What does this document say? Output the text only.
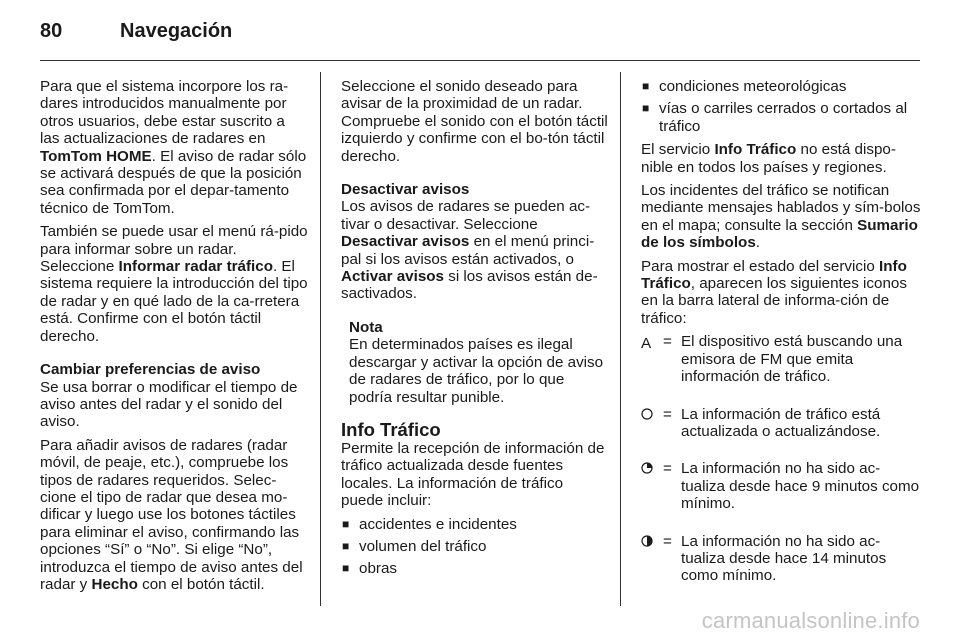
80	Navegación

Para que el sistema incorpore los ra-dares introducidos manualmente por otros usuarios, debe estar suscrito a las actualizaciones de radares en TomTom HOME. El aviso de radar sólo se activará después de que la posición sea confirmada por el depar-tamento técnico de TomTom.

También se puede usar el menú rá-pido para informar sobre un radar. Seleccione Informar radar tráfico. El sistema requiere la introducción del tipo de radar y en qué lado de la ca-rretera está. Confirme con el botón táctil derecho.

Cambiar preferencias de aviso

Se usa borrar o modificar el tiempo de aviso antes del radar y el sonido del aviso.

Para añadir avisos de radares (radar móvil, de peaje, etc.), compruebe los tipos de radares requeridos. Selec-cione el tipo de radar que desea mo-dificar y luego use los botones táctiles para eliminar el aviso, confirmando las opciones “Sí” o “No”. Si elige “No”, introduzca el tiempo de aviso antes del radar y Hecho con el botón táctil.

Seleccione el sonido deseado para avisar de la proximidad de un radar. Compruebe el sonido con el botón táctil izquierdo y confirme con el bo-tón táctil derecho.

Desactivar avisos

Los avisos de radares se pueden ac-tivar o desactivar. Seleccione Desactivar avisos en el menú princi-pal si los avisos están activados, o Activar avisos si los avisos están de-sactivados.

Nota
En determinados países es ilegal descargar y activar la opción de aviso de radares de tráfico, por lo que podría resultar punible.
Info Tráfico

Permite la recepción de información de tráfico actualizada desde fuentes locales. La información de tráfico puede incluir:

■ accidentes e incidentes
■ volumen del tráfico
■ obras
■ condiciones meteorológicas
■ vías o carriles cerrados o cortados al tráfico

El servicio Info Tráfico no está dispo-nible en todos los países y regiones.

Los incidentes del tráfico se notifican mediante mensajes hablados y sím-bolos en el mapa; consulte la sección Sumario de los símbolos.

Para mostrar el estado del servicio Info Tráfico, aparecen los siguientes iconos en la barra lateral de informa-ción de tráfico:

A = El dispositivo está buscando una emisora de FM que emita información de tráfico.
= La información de tráfico está actualizada o actualizándose.
= La información no ha sido ac-tualiza desde hace 9 minutos como mínimo.
= La información no ha sido ac-tualiza desde hace 14 minutos como mínimo.
carmanualsonline.info
